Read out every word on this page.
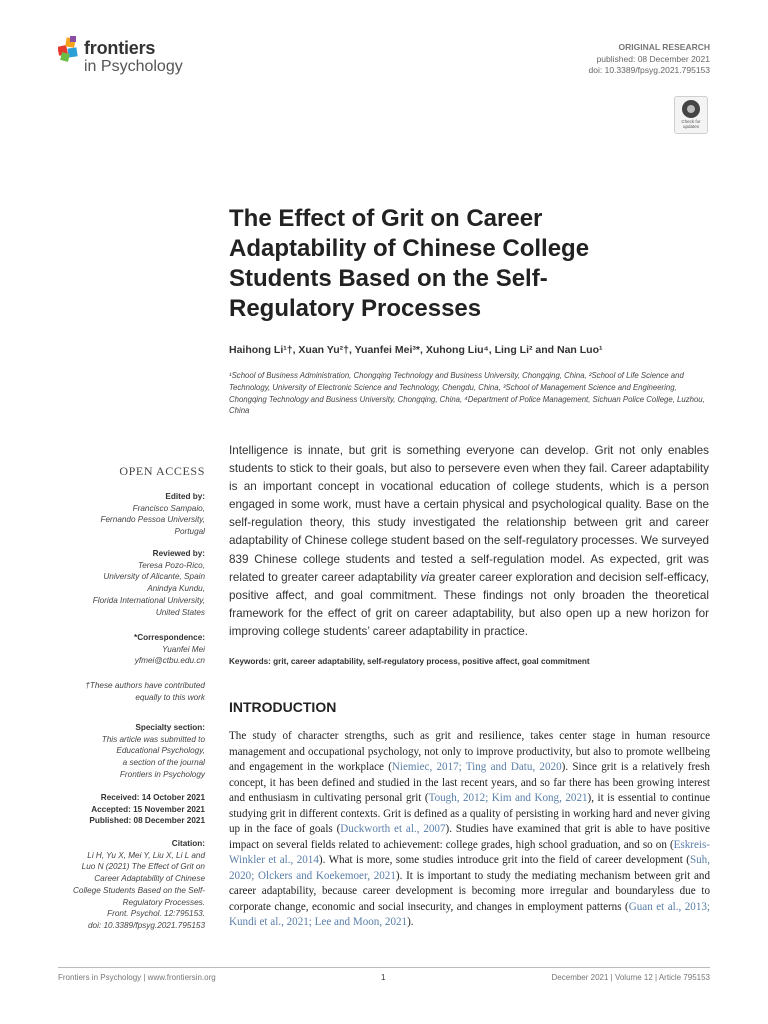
frontiers
in Psychology
ORIGINAL RESEARCH
published: 08 December 2021
doi: 10.3389/fpsyg.2021.795153
Check for updates
The Effect of Grit on Career Adaptability of Chinese College Students Based on the Self-Regulatory Processes
Haihong Li¹†, Xuan Yu²†, Yuanfei Mei³*, Xuhong Liu⁴, Ling Li² and Nan Luo¹
¹School of Business Administration, Chongqing Technology and Business University, Chongqing, China, ²School of Life Science and Technology, University of Electronic Science and Technology, Chengdu, China, ³School of Management Science and Engineering, Chongqing Technology and Business University, Chongqing, China, ⁴Department of Police Management, Sichuan Police College, Luzhou, China
OPEN ACCESS
Edited by:
Francisco Sampaio,
Fernando Pessoa University,
Portugal
Reviewed by:
Teresa Pozo-Rico,
University of Alicante, Spain
Anindya Kundu,
Florida International University,
United States
*Correspondence:
Yuanfei Mei
yfmei@ctbu.edu.cn
†These authors have contributed
equally to this work
Specialty section:
This article was submitted to
Educational Psychology,
a section of the journal
Frontiers in Psychology
Received: 14 October 2021
Accepted: 15 November 2021
Published: 08 December 2021
Citation:
Li H, Yu X, Mei Y, Liu X, Li L and
Luo N (2021) The Effect of Grit on
Career Adaptability of Chinese
College Students Based on the Self-
Regulatory Processes.
Front. Psychol. 12:795153.
doi: 10.3389/fpsyg.2021.795153
Intelligence is innate, but grit is something everyone can develop. Grit not only enables students to stick to their goals, but also to persevere even when they fail. Career adaptability is an important concept in vocational education of college students, which is a person engaged in some work, must have a certain physical and psychological quality. Base on the self-regulation theory, this study investigated the relationship between grit and career adaptability of Chinese college student based on the self-regulatory processes. We surveyed 839 Chinese college students and tested a self-regulation model. As expected, grit was related to greater career adaptability via greater career exploration and decision self-efficacy, positive affect, and goal commitment. These findings not only broaden the theoretical framework for the effect of grit on career adaptability, but also open up a new horizon for improving college students’ career adaptability in practice.
Keywords: grit, career adaptability, self-regulatory process, positive affect, goal commitment
INTRODUCTION
The study of character strengths, such as grit and resilience, takes center stage in human resource management and occupational psychology, not only to improve productivity, but also to promote wellbeing and engagement in the workplace (Niemiec, 2017; Ting and Datu, 2020). Since grit is a relatively fresh concept, it has been defined and studied in the last recent years, and so far there has been growing interest and enthusiasm in cultivating personal grit (Tough, 2012; Kim and Kong, 2021), it is essential to continue studying grit in different contexts. Grit is defined as a quality of persisting in working hard and never giving up in the face of goals (Duckworth et al., 2007). Studies have examined that grit is able to have positive impact on several fields related to achievement: college grades, high school graduation, and so on (Eskreis-Winkler et al., 2014). What is more, some studies introduce grit into the field of career development (Suh, 2020; Olckers and Koekemoer, 2021). It is important to study the mediating mechanism between grit and career adaptability, because career development is becoming more irregular and boundaryless due to corporate change, economic and social insecurity, and changes in employment patterns (Guan et al., 2013; Kundi et al., 2021; Lee and Moon, 2021).
Frontiers in Psychology | www.frontiersin.org	1	December 2021 | Volume 12 | Article 795153
